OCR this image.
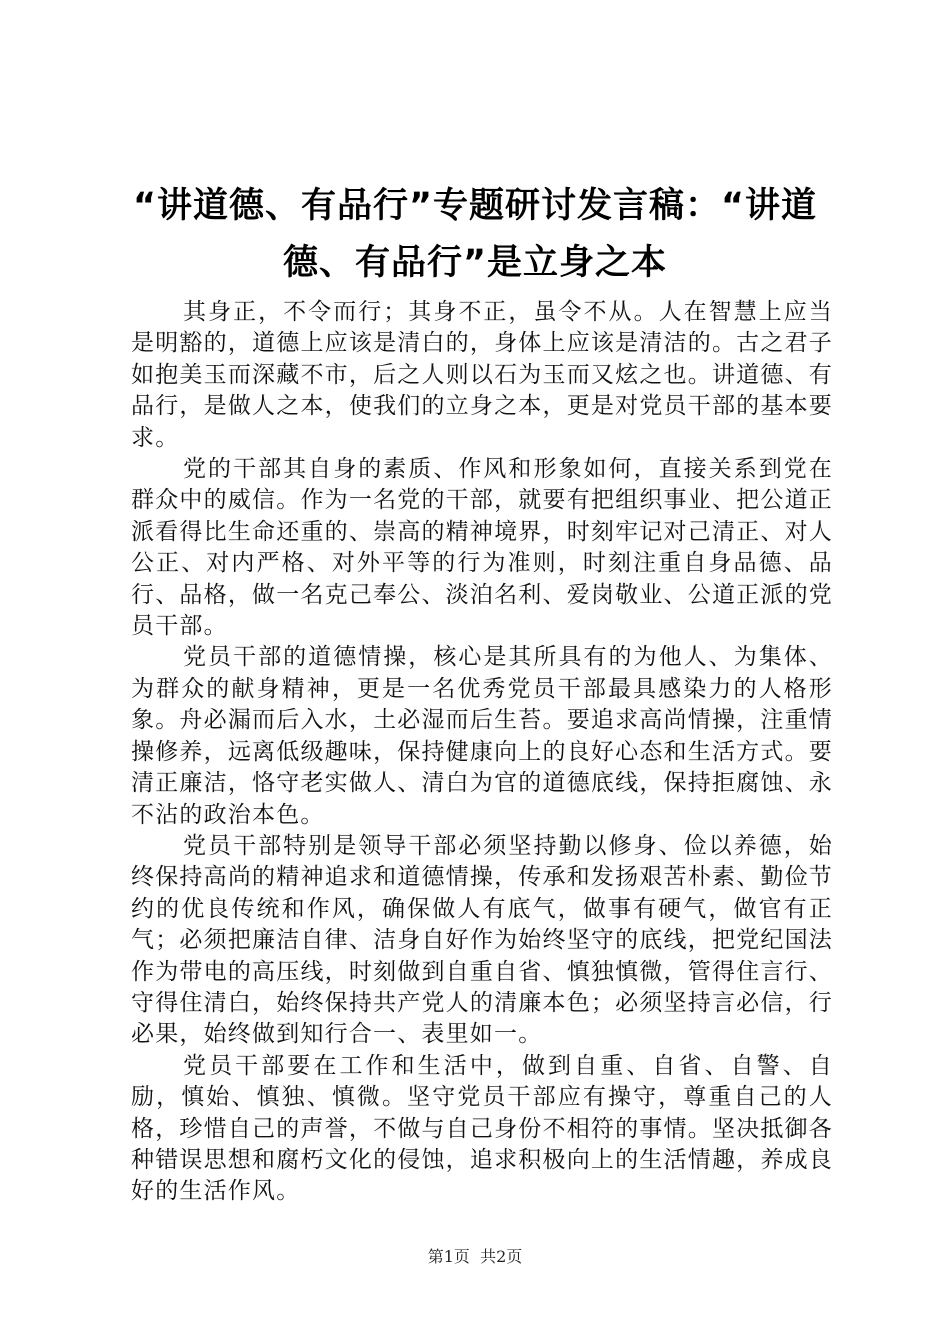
“讲道德、有品行”专题研讨发言稿：“讲道德、有品行”是立身之本

其身正，不令而行；其身不正，虽令不从。人在智慧上应当是明豁的，道德上应该是清白的，身体上应该是清洁的。古之君子如抱美玉而深藏不市，后之人则以石为玉而又炫之也。讲道德、有品行，是做人之本，使我们的立身之本，更是对党员干部的基本要求。

党的干部其自身的素质、作风和形象如何，直接关系到党在群众中的威信。作为一名党的干部，就要有把组织事业、把公道正派看得比生命还重的、崇高的精神境界，时刻牢记对己清正、对人公正、对内严格、对外平等的行为准则，时刻注重自身品德、品行、品格，做一名克己奉公、淡泊名利、爱岗敬业、公道正派的党员干部。

党员干部的道德情操，核心是其所具有的为他人、为集体、为群众的献身精神，更是一名优秀党员干部最具感染力的人格形象。舟必漏而后入水，土必湿而后生苔。要追求高尚情操，注重情操修养，远离低级趣味，保持健康向上的良好心态和生活方式。要清正廉洁，恪守老实做人、清白为官的道德底线，保持拒腐蚀、永不沾的政治本色。

党员干部特别是领导干部必须坚持勤以修身、俭以养德，始终保持高尚的精神追求和道德情操，传承和发扬艰苦朴素、勤俭节约的优良传统和作风，确保做人有底气，做事有硬气，做官有正气；必须把廉洁自律、洁身自好作为始终坚守的底线，把党纪国法作为带电的高压线，时刻做到自重自省、慎独慎微，管得住言行、守得住清白，始终保持共产党人的清廉本色；必须坚持言必信，行必果，始终做到知行合一、表里如一。

党员干部要在工作和生活中，做到自重、自省、自警、自励，慎始、慎独、慎微。坚守党员干部应有操守，尊重自己的人格，珍惜自己的声誉，不做与自己身份不相符的事情。坚决抵御各种错误思想和腐朽文化的侵蚀，追求积极向上的生活情趣，养成良好的生活作风。

第1页  共2页
